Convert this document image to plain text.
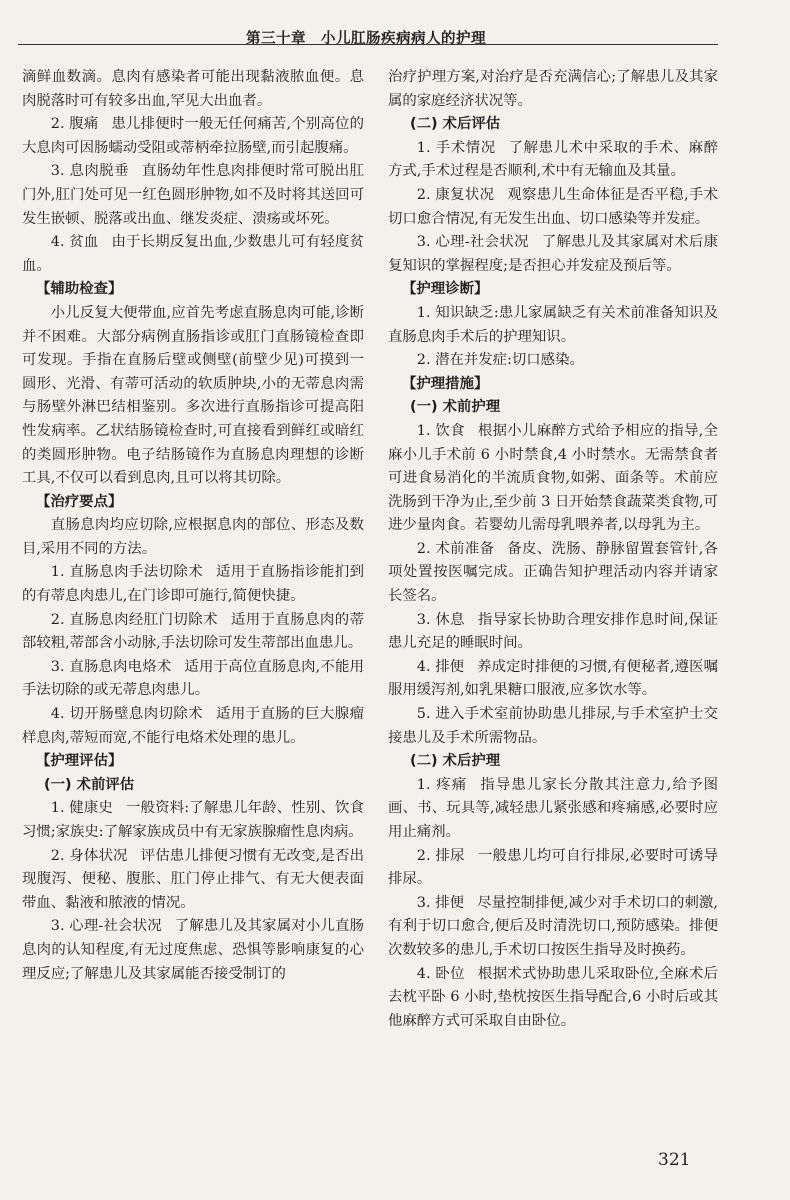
第三十章　小儿肛肠疾病病人的护理

滴鲜血数滴。息肉有感染者可能出现黏液脓血便。息肉脱落时可有较多出血,罕见大出血者。

2. 腹痛 患儿排便时一般无任何痛苦,个别高位的大息肉可因肠蠕动受阻或蒂柄牵拉肠壁,而引起腹痛。

3. 息肉脱垂 直肠幼年性息肉排便时常可脱出肛门外,肛门处可见一红色圆形肿物,如不及时将其送回可发生嵌顿、脱落或出血、继发炎症、溃疡或坏死。

4. 贫血 由于长期反复出血,少数患儿可有轻度贫血。

【辅助检查】

小儿反复大便带血,应首先考虑直肠息肉可能,诊断并不困难。大部分病例直肠指诊或肛门直肠镜检查即可发现。手指在直肠后壁或侧壁(前壁少见)可摸到一圆形、光滑、有蒂可活动的软质肿块,小的无蒂息肉需与肠壁外淋巴结相鉴别。多次进行直肠指诊可提高阳性发病率。乙状结肠镜检查时,可直接看到鲜红或暗红的类圆形肿物。电子结肠镜作为直肠息肉理想的诊断工具,不仅可以看到息肉,且可以将其切除。

【治疗要点】

直肠息肉均应切除,应根据息肉的部位、形态及数目,采用不同的方法。

1. 直肠息肉手法切除术 适用于直肠指诊能扪到的有蒂息肉患儿,在门诊即可施行,简便快捷。

2. 直肠息肉经肛门切除术 适用于直肠息肉的蒂部较粗,蒂部含小动脉,手法切除可发生蒂部出血患儿。

3. 直肠息肉电烙术 适用于高位直肠息肉,不能用手法切除的或无蒂息肉患儿。

4. 切开肠壁息肉切除术 适用于直肠的巨大腺瘤样息肉,蒂短而宽,不能行电烙术处理的患儿。

【护理评估】
(一) 术前评估

1. 健康史 一般资料:了解患儿年龄、性别、饮食习惯;家族史:了解家族成员中有无家族腺瘤性息肉病。

2. 身体状况 评估患儿排便习惯有无改变,是否出现腹泻、便秘、腹胀、肛门停止排气、有无大便表面带血、黏液和脓液的情况。

3. 心理-社会状况 了解患儿及其家属对小儿直肠息肉的认知程度,有无过度焦虑、恐惧等影响康复的心理反应;了解患儿及其家属能否接受制订的

治疗护理方案,对治疗是否充满信心;了解患儿及其家属的家庭经济状况等。

(二) 术后评估

1. 手术情况 了解患儿术中采取的手术、麻醉方式,手术过程是否顺利,术中有无输血及其量。

2. 康复状况 观察患儿生命体征是否平稳,手术切口愈合情况,有无发生出血、切口感染等并发症。

3. 心理-社会状况 了解患儿及其家属对术后康复知识的掌握程度;是否担心并发症及预后等。

【护理诊断】

1. 知识缺乏:患儿家属缺乏有关术前准备知识及直肠息肉手术后的护理知识。

2. 潜在并发症:切口感染。

【护理措施】
(一) 术前护理

1. 饮食 根据小儿麻醉方式给予相应的指导,全麻小儿手术前 6 小时禁食,4 小时禁水。无需禁食者可进食易消化的半流质食物,如粥、面条等。术前应洗肠到干净为止,至少前 3 日开始禁食蔬菜类食物,可进少量肉食。若婴幼儿需母乳喂养者,以母乳为主。

2. 术前准备 备皮、洗肠、静脉留置套管针,各项处置按医嘱完成。正确告知护理活动内容并请家长签名。

3. 休息 指导家长协助合理安排作息时间,保证患儿充足的睡眠时间。

4. 排便 养成定时排便的习惯,有便秘者,遵医嘱服用缓泻剂,如乳果糖口服液,应多饮水等。

5. 进入手术室前协助患儿排尿,与手术室护士交接患儿及手术所需物品。

(二) 术后护理

1. 疼痛 指导患儿家长分散其注意力,给予图画、书、玩具等,减轻患儿紧张感和疼痛感,必要时应用止痛剂。

2. 排尿 一般患儿均可自行排尿,必要时可诱导排尿。

3. 排便 尽量控制排便,减少对手术切口的刺激,有利于切口愈合,便后及时清洗切口,预防感染。排便次数较多的患儿,手术切口按医生指导及时换药。

4. 卧位 根据术式协助患儿采取卧位,全麻术后去枕平卧 6 小时,垫枕按医生指导配合,6 小时后或其他麻醉方式可采取自由卧位。

321
